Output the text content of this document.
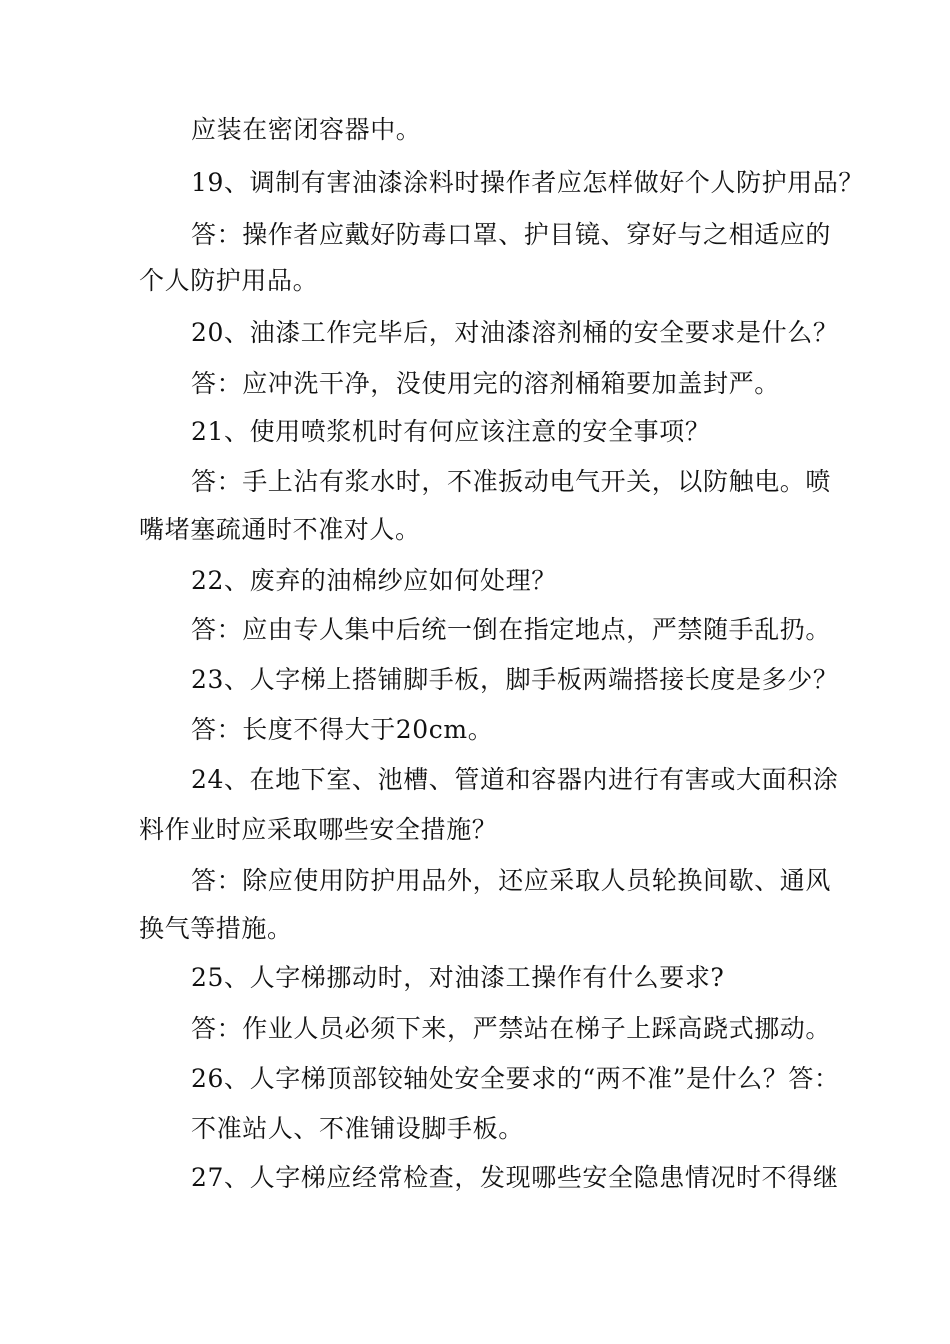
应装在密闭容器中。
19、调制有害油漆涂料时操作者应怎样做好个人防护用品？
答：操作者应戴好防毒口罩、护目镜、穿好与之相适应的
个人防护用品。
20、油漆工作完毕后，对油漆溶剂桶的安全要求是什么？
答：应冲洗干净，没使用完的溶剂桶箱要加盖封严。
21、使用喷浆机时有何应该注意的安全事项？
答：手上沾有浆水时，不准扳动电气开关，以防触电。喷
嘴堵塞疏通时不准对人。
22、废弃的油棉纱应如何处理？
答：应由专人集中后统一倒在指定地点，严禁随手乱扔。
23、人字梯上搭铺脚手板，脚手板两端搭接长度是多少？
答：长度不得大于20cm。
24、在地下室、池槽、管道和容器内进行有害或大面积涂
料作业时应采取哪些安全措施？
答：除应使用防护用品外，还应采取人员轮换间歇、通风
换气等措施。
25、人字梯挪动时，对油漆工操作有什么要求?
答：作业人员必须下来，严禁站在梯子上踩高跷式挪动。
26、人字梯顶部铰轴处安全要求的“两不准”是什么？答：
不准站人、不准铺设脚手板。
27、人字梯应经常检查，发现哪些安全隐患情况时不得继
